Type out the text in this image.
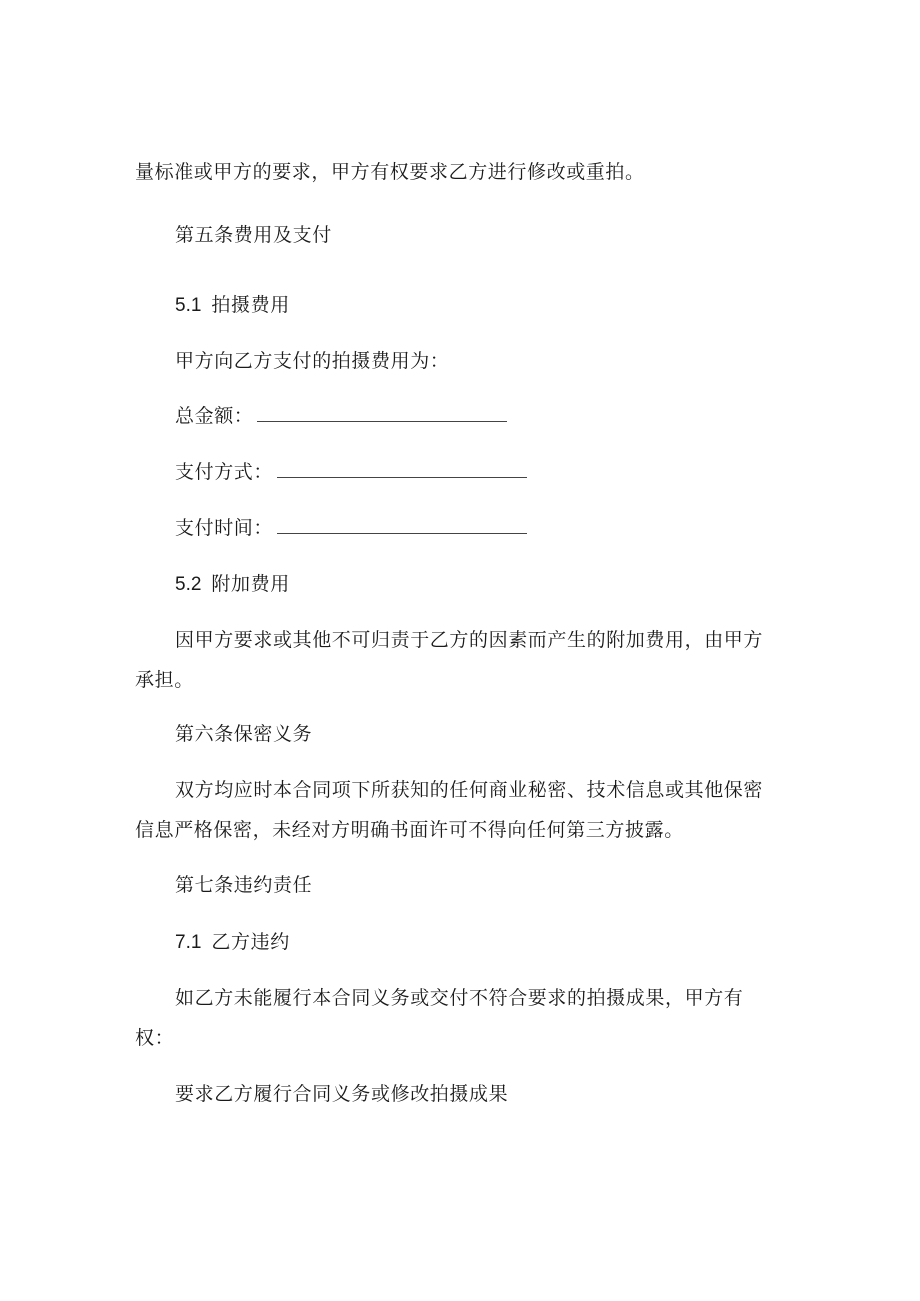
量标准或甲方的要求，甲方有权要求乙方进行修改或重拍。
第五条费用及支付
5.1 拍摄费用
甲方向乙方支付的拍摄费用为：
总金额：
支付方式：
支付时间：
5.2 附加费用
因甲方要求或其他不可归责于乙方的因素而产生的附加费用，由甲方
承担。
第六条保密义务
双方均应时本合同项下所获知的任何商业秘密、技术信息或其他保密
信息严格保密，未经对方明确书面许可不得向任何第三方披露。
第七条违约责任
7.1 乙方违约
如乙方未能履行本合同义务或交付不符合要求的拍摄成果，甲方有
权：
要求乙方履行合同义务或修改拍摄成果
